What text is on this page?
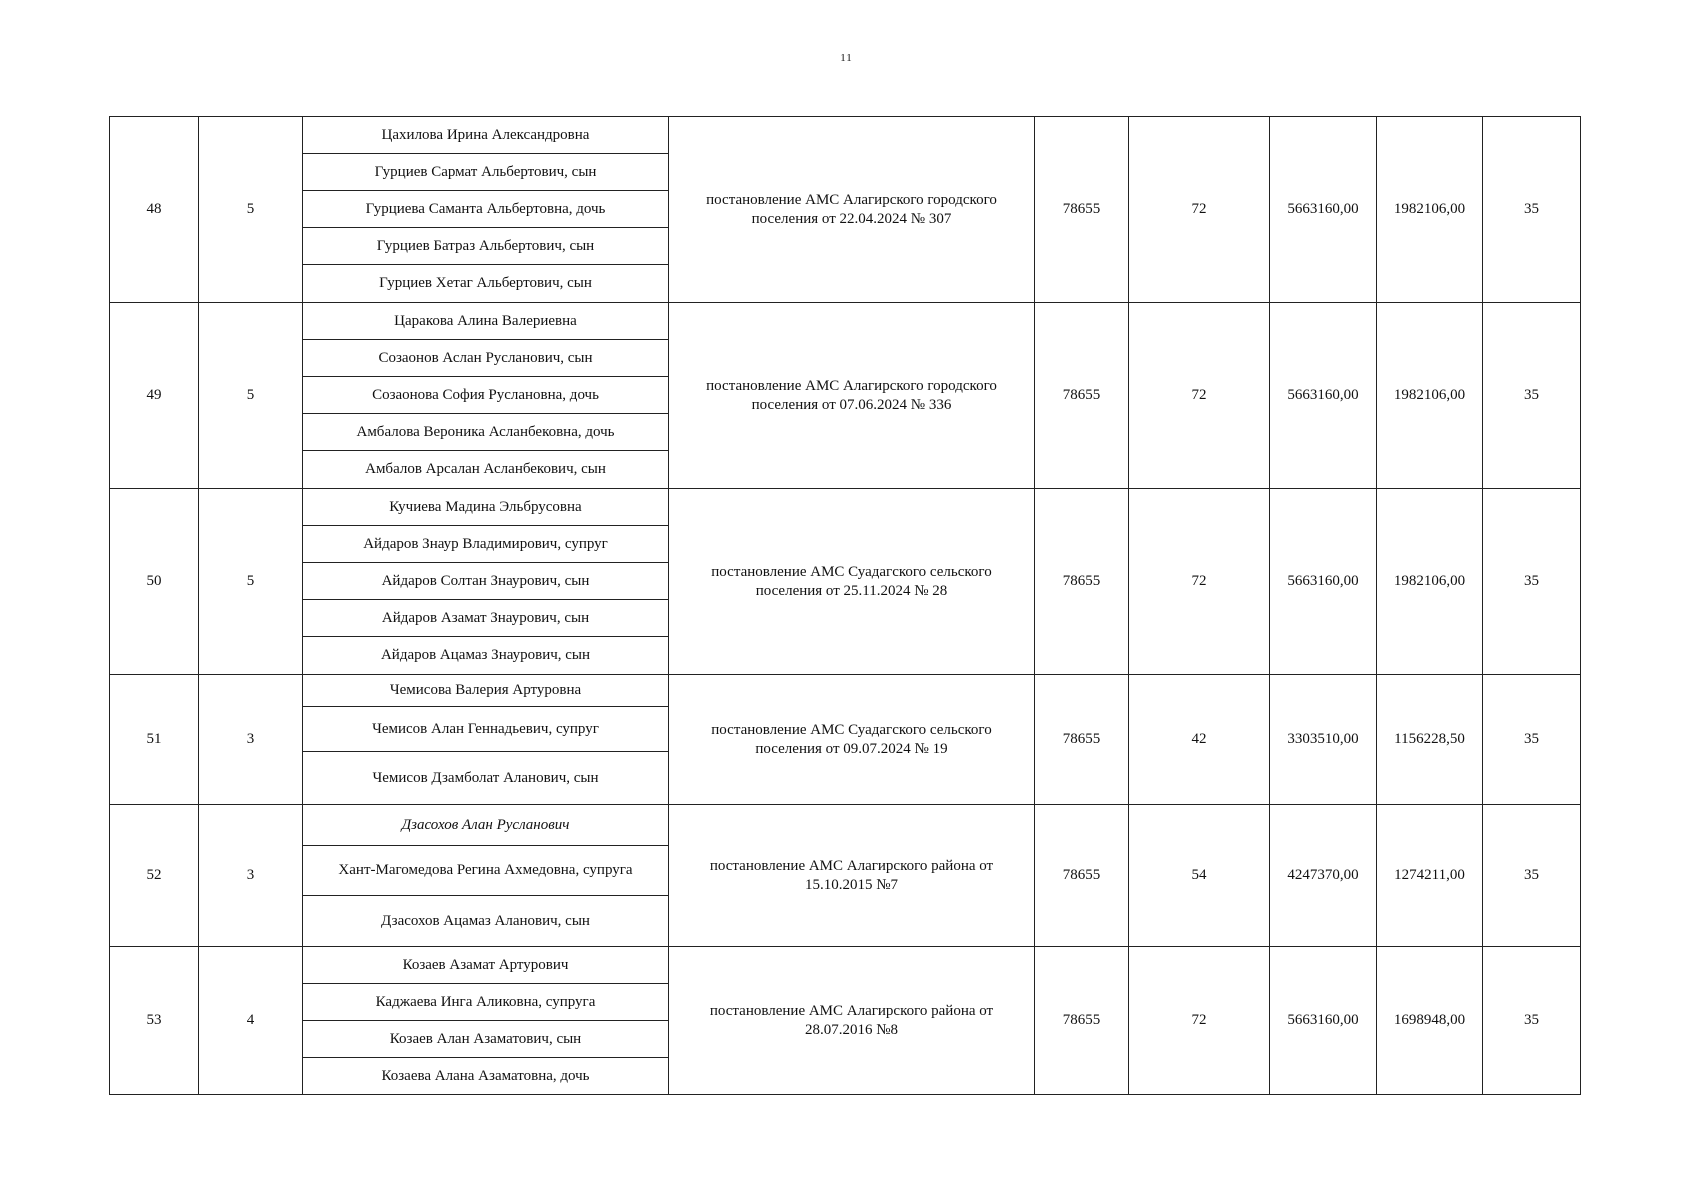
11
48	5	Цахилова Ирина Александровна	постановление АМС Алагирского городского поселения от 22.04.2024 № 307	78655	72	5663160,00	1982106,00	35
		Гурциев Сармат Альбертович, сын						
		Гурциева Саманта Альбертовна, дочь						
		Гурциев Батраз Альбертович, сын						
		Гурциев Хетаг Альбертович, сын						
49	5	Царакова Алина Валериевна	постановление АМС Алагирского городского поселения от 07.06.2024 № 336	78655	72	5663160,00	1982106,00	35
		Созаонов Аслан Русланович, сын						
		Созаонова София Руслановна, дочь						
		Амбалова Вероника Асланбековна, дочь						
		Амбалов Арсалан Асланбекович, сын						
50	5	Кучиева Мадина Эльбрусовна	постановление АМС Суадагского сельского поселения от 25.11.2024 № 28	78655	72	5663160,00	1982106,00	35
		Айдаров Знаур Владимирович, супруг						
		Айдаров Солтан Знаурович, сын						
		Айдаров Азамат Знаурович, сын						
		Айдаров Ацамаз Знаурович, сын						
51	3	Чемисова Валерия Артуровна	постановление АМС Суадагского сельского поселения от 09.07.2024 № 19	78655	42	3303510,00	1156228,50	35
		Чемисов Алан Геннадьевич, супруг						
		Чемисов Дзамболат Аланович, сын						
52	3	Дзасохов Алан Русланович	постановление АМС Алагирского района от 15.10.2015 №7	78655	54	4247370,00	1274211,00	35
		Хант-Магомедова Регина Ахмедовна, супруга						
		Дзасохов Ацамаз Аланович, сын						
53	4	Козаев Азамат Артурович	постановление АМС Алагирского района от 28.07.2016 №8	78655	72	5663160,00	1698948,00	35
		Каджаева Инга Аликовна, супруга						
		Козаев Алан Азаматович, сын						
		Козаева Алана Азаматовна, дочь						
